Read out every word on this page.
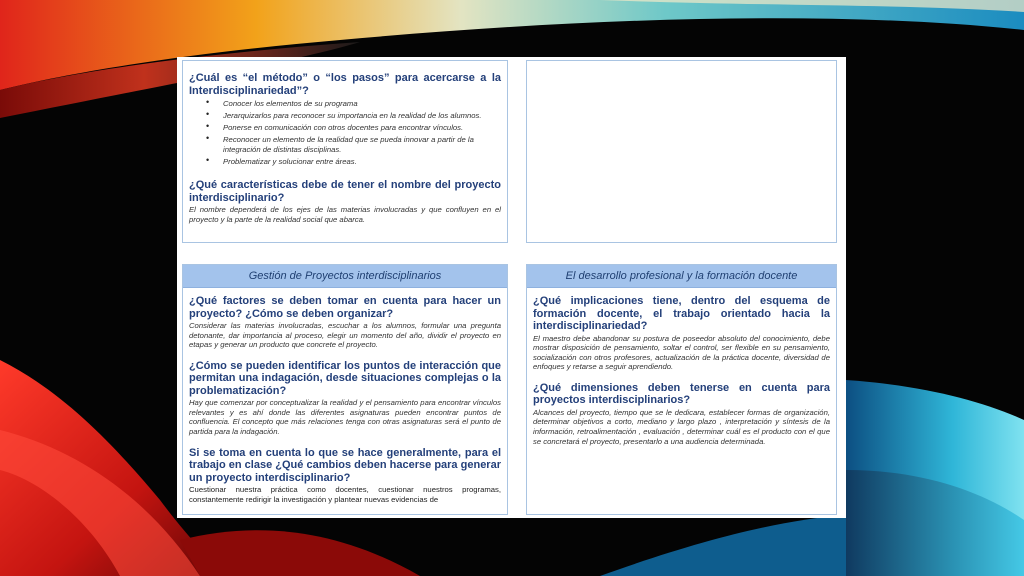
¿Cuál es “el método” o “los pasos” para acercarse a la Interdisciplinariedad”?

• Conocer los elementos de su programa
• Jerarquizarlos para reconocer su importancia en la realidad de los alumnos.
• Ponerse en comunicación con otros docentes para encontrar vínculos.
• Reconocer un elemento de la realidad que se pueda innovar a partir de la integración de distintas disciplinas.
• Problematizar y solucionar entre áreas.

¿Qué características debe de tener el nombre del proyecto interdisciplinario?

El nombre dependerá de los ejes de las materias involucradas y que confluyen en el proyecto y la parte de la realidad social que abarca.

Gestión de Proyectos interdisciplinarios

¿Qué factores se deben tomar en cuenta para hacer un proyecto? ¿Cómo se deben organizar?

Considerar las materias involucradas, escuchar a los alumnos, formular una pregunta detonante, dar importancia al proceso, elegir un momento del año, dividir el proyecto en etapas y generar un producto que concrete el proyecto.

¿Cómo se pueden identificar los puntos de interacción que permitan una indagación, desde situaciones complejas o la problematización?

Hay que comenzar por conceptualizar la realidad y el pensamiento para encontrar vínculos relevantes y es ahí donde las diferentes asignaturas pueden encontrar puntos de confluencia. El concepto que más relaciones tenga con otras asignaturas será el punto de partida para la indagación.

Si se toma en cuenta lo que se hace generalmente, para el trabajo en clase ¿Qué cambios deben hacerse para generar un proyecto interdisciplinario?

Cuestionar nuestra práctica como docentes, cuestionar nuestros programas, constantemente redirigir la investigación y plantear nuevas evidencias de

El desarrollo profesional y la formación docente

¿Qué implicaciones tiene, dentro del esquema de formación docente, el trabajo orientado hacia la interdisciplinariedad?

El maestro debe abandonar su postura de poseedor absoluto del conocimiento, debe mostrar disposición de pensamiento, soltar el control, ser flexible en su pensamiento, socialización con otros profesores, actualización de la práctica docente, diversidad de enfoques y retarse a seguir aprendiendo.

¿Qué dimensiones deben tenerse en cuenta para proyectos interdisciplinarios?

Alcances del proyecto, tiempo que se le dedicara, establecer formas de organización, determinar objetivos a corto, mediano y largo plazo , interpretación y síntesis de la información, retroalimentación , evaluación , determinar cuál es el producto con el que se concretará el proyecto, presentarlo a una audiencia determinada.
